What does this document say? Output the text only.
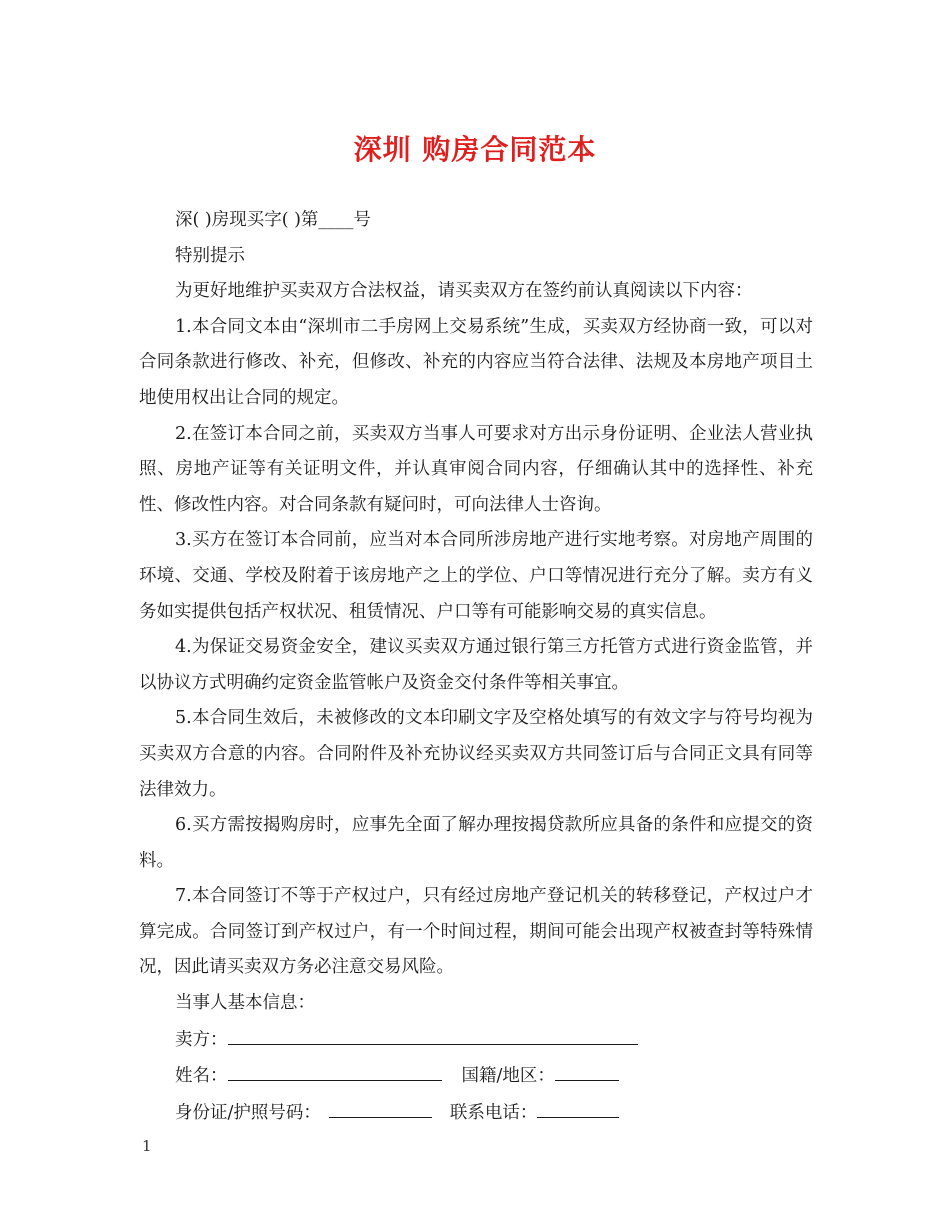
深圳 购房合同范本
深( )房现买字( )第____号
特别提示
为更好地维护买卖双方合法权益，请买卖双方在签约前认真阅读以下内容：

1.本合同文本由“深圳市二手房网上交易系统”生成，买卖双方经协商一致，可以对合同条款进行修改、补充，但修改、补充的内容应当符合法律、法规及本房地产项目土地使用权出让合同的规定。

2.在签订本合同之前，买卖双方当事人可要求对方出示身份证明、企业法人营业执照、房地产证等有关证明文件，并认真审阅合同内容，仔细确认其中的选择性、补充性、修改性内容。对合同条款有疑问时，可向法律人士咨询。

3.买方在签订本合同前，应当对本合同所涉房地产进行实地考察。对房地产周围的环境、交通、学校及附着于该房地产之上的学位、户口等情况进行充分了解。卖方有义务如实提供包括产权状况、租赁情况、户口等有可能影响交易的真实信息。

4.为保证交易资金安全，建议买卖双方通过银行第三方托管方式进行资金监管，并以协议方式明确约定资金监管帐户及资金交付条件等相关事宜。

5.本合同生效后，未被修改的文本印刷文字及空格处填写的有效文字与符号均视为买卖双方合意的内容。合同附件及补充协议经买卖双方共同签订后与合同正文具有同等法律效力。

6.买方需按揭购房时，应事先全面了解办理按揭贷款所应具备的条件和应提交的资料。

7.本合同签订不等于产权过户，只有经过房地产登记机关的转移登记，产权过户才算完成。合同签订到产权过户，有一个时间过程，期间可能会出现产权被查封等特殊情况，因此请买卖双方务必注意交易风险。

当事人基本信息：
卖方：
姓名：	国籍/地区：
身份证/护照号码：	联系电话：
1
